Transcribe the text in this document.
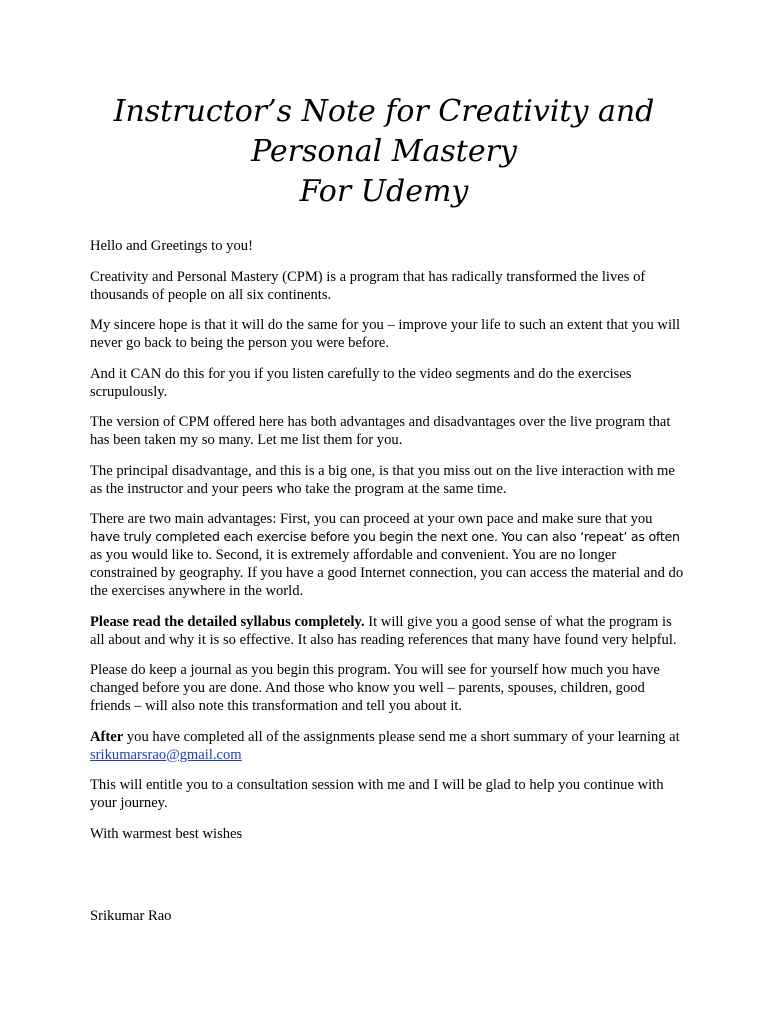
Instructor’s Note for Creativity and
Personal Mastery
For Udemy

Hello and Greetings to you!

Creativity and Personal Mastery (CPM) is a program that has radically transformed the lives of thousands of people on all six continents.

My sincere hope is that it will do the same for you – improve your life to such an extent that you will never go back to being the person you were before.

And it CAN do this for you if you listen carefully to the video segments and do the exercises scrupulously.

The version of CPM offered here has both advantages and disadvantages over the live program that has been taken my so many. Let me list them for you.

The principal disadvantage, and this is a big one, is that you miss out on the live interaction with me as the instructor and your peers who take the program at the same time.

There are two main advantages: First, you can proceed at your own pace and make sure that you have truly completed each exercise before you begin the next one. You can also ‘repeat’ as often as you would like to. Second, it is extremely affordable and convenient. You are no longer constrained by geography. If you have a good Internet connection, you can access the material and do the exercises anywhere in the world.

Please read the detailed syllabus completely. It will give you a good sense of what the program is all about and why it is so effective. It also has reading references that many have found very helpful.

Please do keep a journal as you begin this program. You will see for yourself how much you have changed before you are done. And those who know you well – parents, spouses, children, good friends – will also note this transformation and tell you about it.

After you have completed all of the assignments please send me a short summary of your learning at srikumarsrao@gmail.com

This will entitle you to a consultation session with me and I will be glad to help you continue with your journey.

With warmest best wishes

Srikumar Rao
